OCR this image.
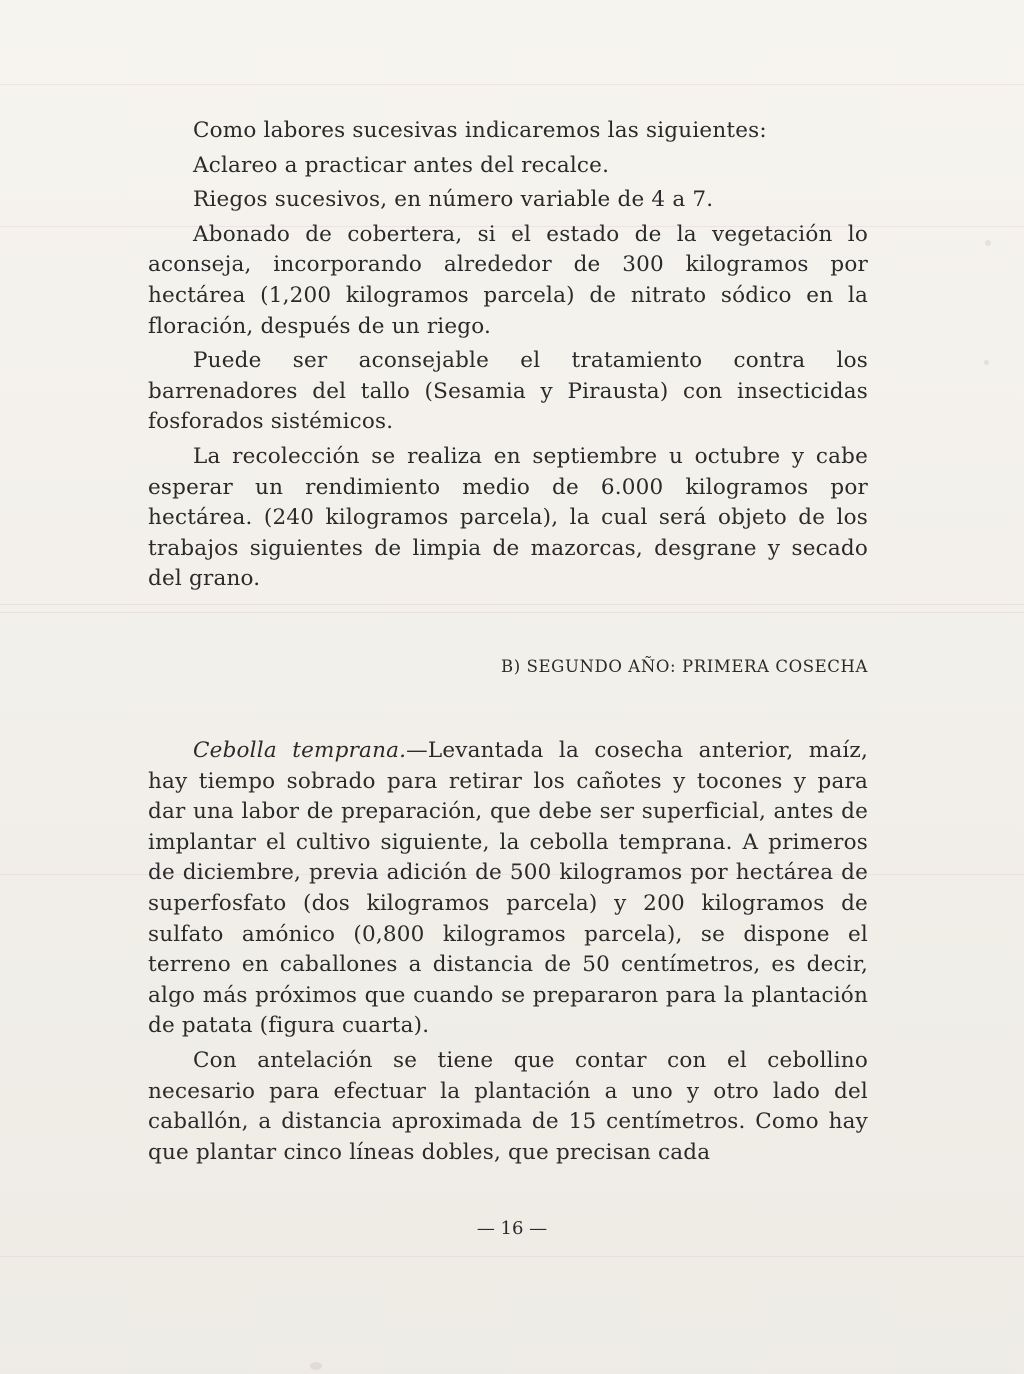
Como labores sucesivas indicaremos las siguientes:

Aclareo a practicar antes del recalce.

Riegos sucesivos, en número variable de 4 a 7.

Abonado de cobertera, si el estado de la vegetación lo aconseja, incorporando alrededor de 300 kilogramos por hectárea (1,200 kilogramos parcela) de nitrato sódico en la floración, después de un riego.

Puede ser aconsejable el tratamiento contra los barrenadores del tallo (Sesamia y Pirausta) con insecticidas fosforados sistémicos.

La recolección se realiza en septiembre u octubre y cabe esperar un rendimiento medio de 6.000 kilogramos por hectárea. (240 kilogramos parcela), la cual será objeto de los trabajos siguientes de limpia de mazorcas, desgrane y secado del grano.

B) SEGUNDO AÑO: PRIMERA COSECHA

Cebolla temprana.—Levantada la cosecha anterior, maíz, hay tiempo sobrado para retirar los cañotes y tocones y para dar una labor de preparación, que debe ser superficial, antes de implantar el cultivo siguiente, la cebolla temprana. A primeros de diciembre, previa adición de 500 kilogramos por hectárea de superfosfato (dos kilogramos parcela) y 200 kilogramos de sulfato amónico (0,800 kilogramos parcela), se dispone el terreno en caballones a distancia de 50 centímetros, es decir, algo más próximos que cuando se prepararon para la plantación de patata (figura cuarta).

Con antelación se tiene que contar con el cebollino necesario para efectuar la plantación a uno y otro lado del caballón, a distancia aproximada de 15 centímetros. Como hay que plantar cinco líneas dobles, que precisan cada

— 16 —
